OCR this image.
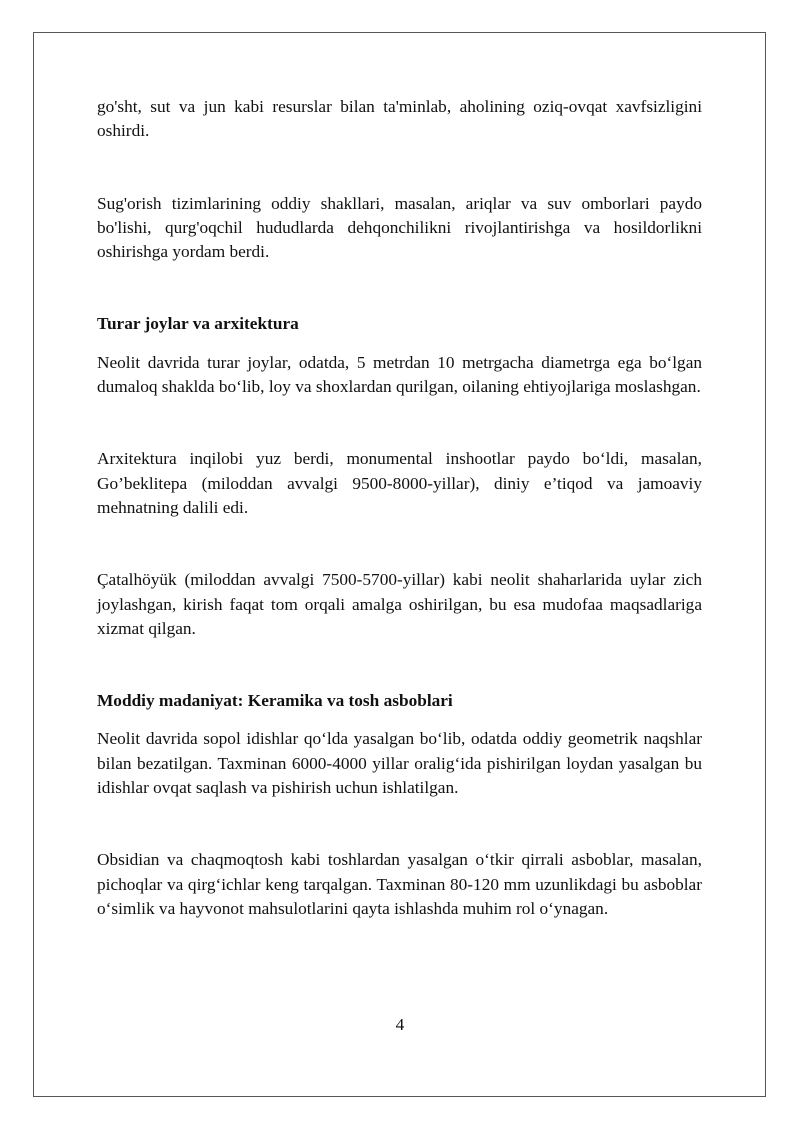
go'sht, sut va jun kabi resurslar bilan ta'minlab, aholining oziq-ovqat xavfsizligini oshirdi.

Sug'orish tizimlarining oddiy shakllari, masalan, ariqlar va suv omborlari paydo bo'lishi, qurg'oqchil hududlarda dehqonchilikni rivojlantirishga va hosildorlikni oshirishga yordam berdi.

Turar joylar va arxitektura

Neolit davrida turar joylar, odatda, 5 metrdan 10 metrgacha diametrga ega bo‘lgan dumaloq shaklda bo‘lib, loy va shoxlardan qurilgan, oilaning ehtiyojlariga moslashgan.

Arxitektura inqilobi yuz berdi, monumental inshootlar paydo bo‘ldi, masalan, Go’beklitepa (miloddan avvalgi 9500-8000-yillar), diniy e’tiqod va jamoaviy mehnatning dalili edi.

Çatalhöyük (miloddan avvalgi 7500-5700-yillar) kabi neolit shaharlarida uylar zich joylashgan, kirish faqat tom orqali amalga oshirilgan, bu esa mudofaa maqsadlariga xizmat qilgan.

Moddiy madaniyat: Keramika va tosh asboblari

Neolit davrida sopol idishlar qo‘lda yasalgan bo‘lib, odatda oddiy geometrik naqshlar bilan bezatilgan. Taxminan 6000-4000 yillar oralig‘ida pishirilgan loydan yasalgan bu idishlar ovqat saqlash va pishirish uchun ishlatilgan.

Obsidian va chaqmoqtosh kabi toshlardan yasalgan o‘tkir qirrali asboblar, masalan, pichoqlar va qirg‘ichlar keng tarqalgan. Taxminan 80-120 mm uzunlikdagi bu asboblar o‘simlik va hayvonot mahsulotlarini qayta ishlashda muhim rol o‘ynagan.

4
